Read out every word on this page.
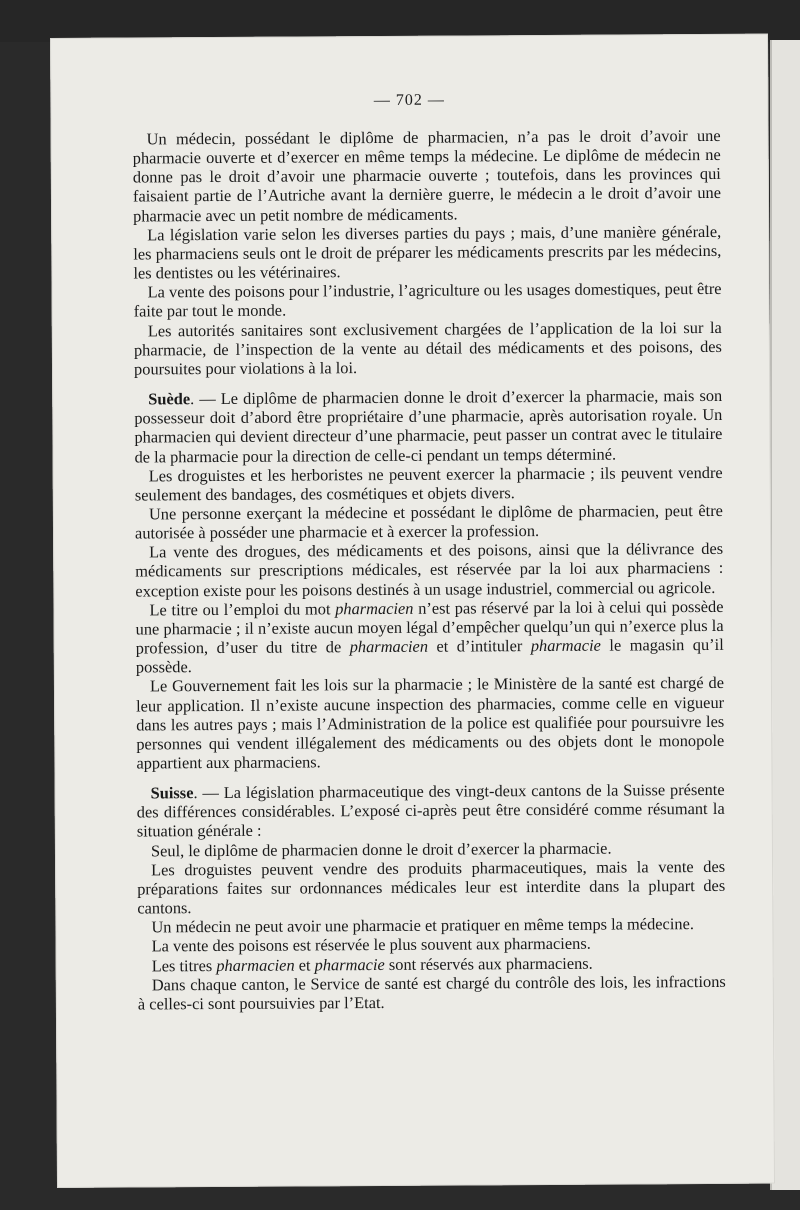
— 702 —

Un médecin, possédant le diplôme de pharmacien, n’a pas le droit d’avoir une pharmacie ouverte et d’exercer en même temps la médecine. Le diplôme de médecin ne donne pas le droit d’avoir une pharmacie ouverte ; toutefois, dans les provinces qui faisaient partie de l’Autriche avant la dernière guerre, le médecin a le droit d’avoir une pharmacie avec un petit nombre de médicaments.

La législation varie selon les diverses parties du pays ; mais, d’une manière générale, les pharmaciens seuls ont le droit de préparer les médicaments prescrits par les médecins, les dentistes ou les vétérinaires.

La vente des poisons pour l’industrie, l’agriculture ou les usages domestiques, peut être faite par tout le monde.

Les autorités sanitaires sont exclusivement chargées de l’application de la loi sur la pharmacie, de l’inspection de la vente au détail des médicaments et des poisons, des poursuites pour violations à la loi.

Suède. — Le diplôme de pharmacien donne le droit d’exercer la pharmacie, mais son possesseur doit d’abord être propriétaire d’une pharmacie, après autorisation royale. Un pharmacien qui devient directeur d’une pharmacie, peut passer un contrat avec le titulaire de la pharmacie pour la direction de celle-ci pendant un temps déterminé.

Les droguistes et les herboristes ne peuvent exercer la pharmacie ; ils peuvent vendre seulement des bandages, des cosmétiques et objets divers.

Une personne exerçant la médecine et possédant le diplôme de pharmacien, peut être autorisée à posséder une pharmacie et à exercer la profession.

La vente des drogues, des médicaments et des poisons, ainsi que la délivrance des médicaments sur prescriptions médicales, est réservée par la loi aux pharmaciens : exception existe pour les poisons destinés à un usage industriel, commercial ou agricole.

Le titre ou l’emploi du mot pharmacien n’est pas réservé par la loi à celui qui possède une pharmacie ; il n’existe aucun moyen légal d’empêcher quelqu’un qui n’exerce plus la profession, d’user du titre de pharmacien et d’intituler pharmacie le magasin qu’il possède.

Le Gouvernement fait les lois sur la pharmacie ; le Ministère de la santé est chargé de leur application. Il n’existe aucune inspection des pharmacies, comme celle en vigueur dans les autres pays ; mais l’Administration de la police est qualifiée pour poursuivre les personnes qui vendent illégalement des médicaments ou des objets dont le monopole appartient aux pharmaciens.

Suisse. — La législation pharmaceutique des vingt-deux cantons de la Suisse présente des différences considérables. L’exposé ci-après peut être considéré comme résumant la situation générale :

Seul, le diplôme de pharmacien donne le droit d’exercer la pharmacie.

Les droguistes peuvent vendre des produits pharmaceutiques, mais la vente des préparations faites sur ordonnances médicales leur est interdite dans la plupart des cantons.

Un médecin ne peut avoir une pharmacie et pratiquer en même temps la médecine.

La vente des poisons est réservée le plus souvent aux pharmaciens.

Les titres pharmacien et pharmacie sont réservés aux pharmaciens.

Dans chaque canton, le Service de santé est chargé du contrôle des lois, les infractions à celles-ci sont poursuivies par l’Etat.
